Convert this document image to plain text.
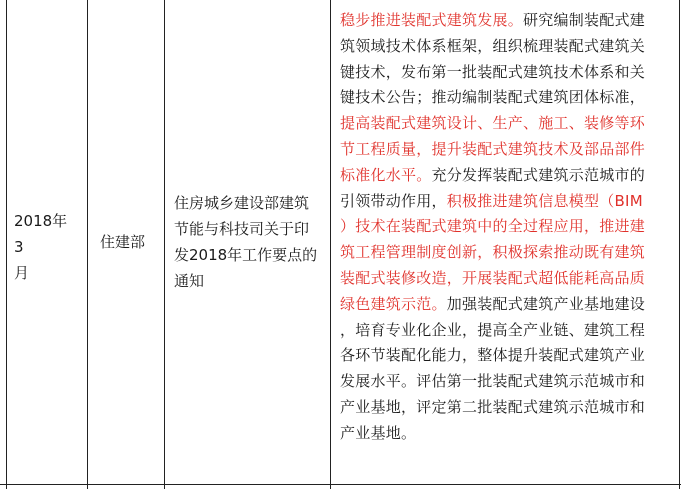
2018年
3
月
住建部
住房城乡建设部建筑
节能与科技司关于印
发2018年工作要点的
通知
稳步推进装配式建筑发展。研究编制装配式建
筑领域技术体系框架，组织梳理装配式建筑关
键技术，发布第一批装配式建筑技术体系和关
键技术公告；推动编制装配式建筑团体标准，
提高装配式建筑设计、生产、施工、装修等环
节工程质量，提升装配式建筑技术及部品部件
标准化水平。充分发挥装配式建筑示范城市的
引领带动作用，积极推进建筑信息模型（BIM
）技术在装配式建筑中的全过程应用，推进建
筑工程管理制度创新，积极探索推动既有建筑
装配式装修改造，开展装配式超低能耗高品质
绿色建筑示范。加强装配式建筑产业基地建设
，培育专业化企业，提高全产业链、建筑工程
各环节装配化能力，整体提升装配式建筑产业
发展水平。评估第一批装配式建筑示范城市和
产业基地，评定第二批装配式建筑示范城市和
产业基地。
